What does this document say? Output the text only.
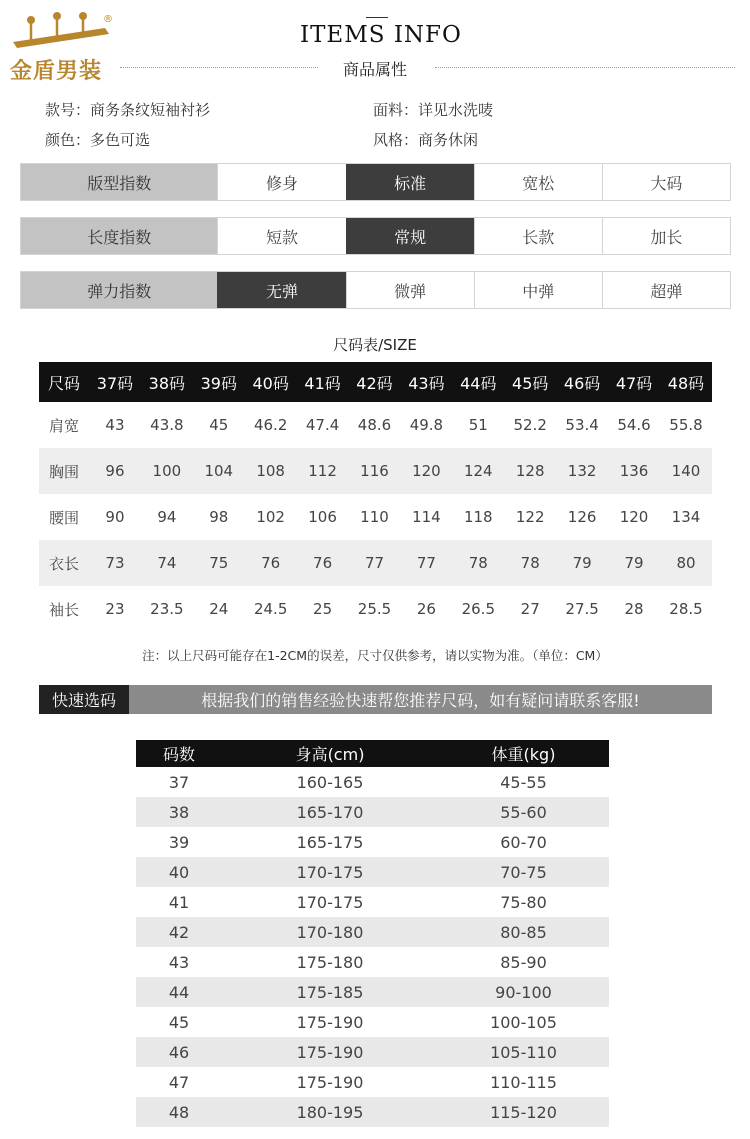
®
金盾男装
ITEMS INFO
商品属性
款号：商务条纹短袖衬衫	面料：详见水洗唛
颜色：多色可选	风格：商务休闲
版型指数	修身	标准	宽松	大码
长度指数	短款	常规	长款	加长
弹力指数	无弹	微弹	中弹	超弹
尺码表/SIZE
尺码	37码	38码	39码	40码	41码	42码	43码	44码	45码	46码	47码	48码
肩宽	43	43.8	45	46.2	47.4	48.6	49.8	51	52.2	53.4	54.6	55.8
胸围	96	100	104	108	112	116	120	124	128	132	136	140
腰围	90	94	98	102	106	110	114	118	122	126	120	134
衣长	73	74	75	76	76	77	77	78	78	79	79	80
袖长	23	23.5	24	24.5	25	25.5	26	26.5	27	27.5	28	28.5
注：以上尺码可能存在1-2CM的误差，尺寸仅供参考，请以实物为准。（单位：CM）
快速选码	根据我们的销售经验快速帮您推荐尺码，如有疑问请联系客服!
码数	身高(cm)	体重(kg)
37	160-165	45-55
38	165-170	55-60
39	165-175	60-70
40	170-175	70-75
41	170-175	75-80
42	170-180	80-85
43	175-180	85-90
44	175-185	90-100
45	175-190	100-105
46	175-190	105-110
47	175-190	110-115
48	180-195	115-120
